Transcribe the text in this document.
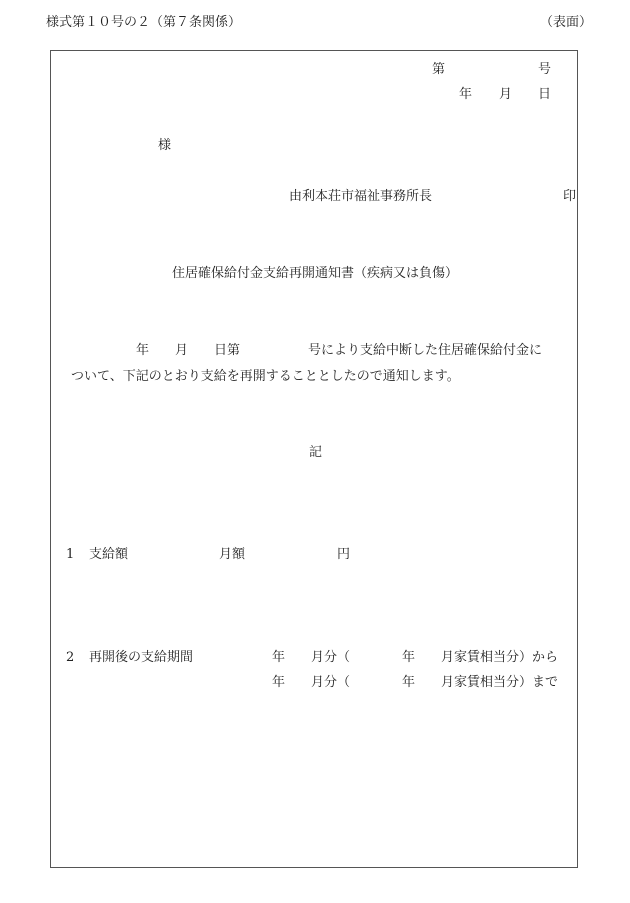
様式第１０号の２（第７条関係）	（表面）
第	号
年 月 日
様
由利本荘市福祉事務所長	印
住居確保給付金支給再開通知書（疾病又は負傷）
年 月 日第	号により支給中断した住居確保給付金に
ついて、下記のとおり支給を再開することとしたので通知します。
記
1 支給額	月額	円
2 再開後の支給期間	年 月分（	年 月家賃相当分）から
年 月分（	年 月家賃相当分）まで
